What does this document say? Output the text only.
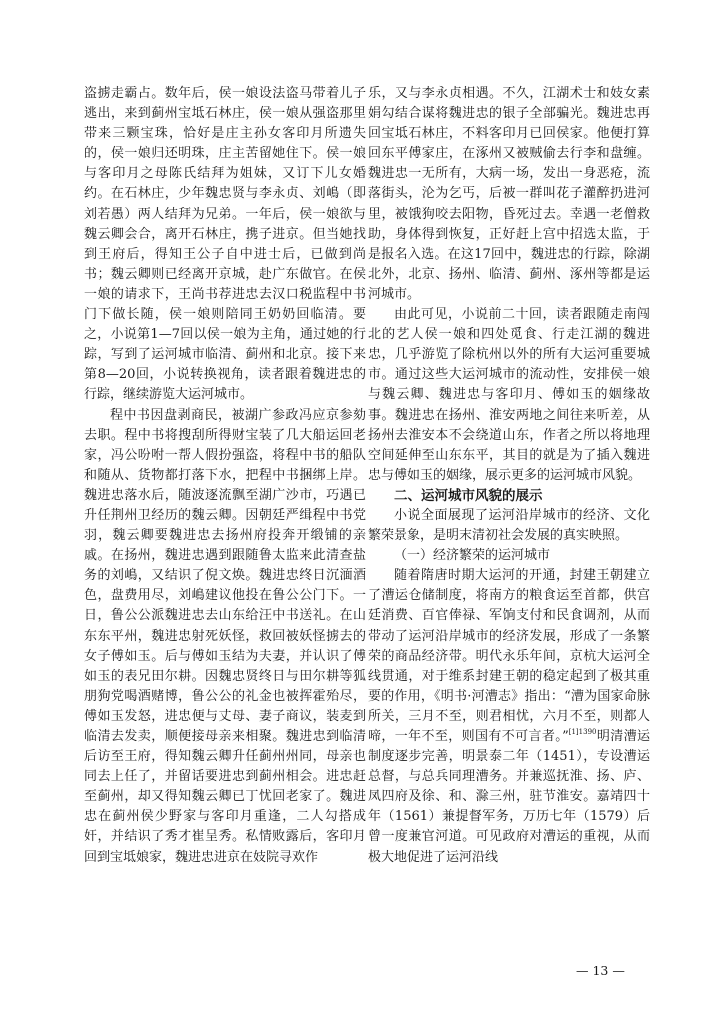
盗掳走霸占。数年后，侯一娘设法盗马带着儿子逃出，来到蓟州宝坻石林庄，侯一娘从强盗那里带来三颗宝珠，恰好是庄主孙女客印月所遗失的，侯一娘归还明珠，庄主苦留她住下。侯一娘与客印月之母陈氏结拜为姐妹，又订下儿女婚约。在石林庄，少年魏忠贤与李永贞、刘嶋（即刘若愚）两人结拜为兄弟。一年后，侯一娘欲与魏云卿会合，离开石林庄，携子进京。但当她找到王府后，得知王公子自中进士后，已做到尚书；魏云卿则已经离开京城，赴广东做官。在侯一娘的请求下，王尚书荐进忠去汉口税监程中书门下做长随，侯一娘则陪同王奶奶回临清。要之，小说第1—7回以侯一娘为主角，通过她的行踪，写到了运河城市临清、蓟州和北京。接下来第8—20回，小说转换视角，读者跟着魏进忠的行踪，继续游览大运河城市。

程中书因盘剥商民，被湖广参政冯应京参劾去职。程中书将搜刮所得财宝装了几大船运回老家，冯公吩咐一帮人假扮强盗，将程中书的船队和随从、货物都打落下水，把程中书捆绑上岸。魏进忠落水后，随波逐流飘至湖广沙市，巧遇已升任荆州卫经历的魏云卿。因朝廷严缉程中书党羽，魏云卿要魏进忠去扬州府投奔开缎铺的亲戚。在扬州，魏进忠遇到跟随鲁太监来此清查盐务的刘嶋，又结识了倪文焕。魏进忠终日沉湎酒色，盘费用尽，刘嶋建议他投在鲁公公门下。一日，鲁公公派魏进忠去山东给汪中书送礼。在山东东平州，魏进忠射死妖怪，救回被妖怪掳去的女子傅如玉。后与傅如玉结为夫妻，并认识了傅如玉的表兄田尔耕。因魏忠贤终日与田尔耕等狐朋狗党喝酒赌博，鲁公公的礼金也被挥霍殆尽，傅如玉发怒，进忠便与丈母、妻子商议，装麦到临清去发卖，顺便接母亲来相聚。魏进忠到临清后访至王府，得知魏云卿升任蓟州州同，母亲也同去上任了，并留话要进忠到蓟州相会。进忠赶至蓟州，却又得知魏云卿已丁忧回老家了。魏进忠在蓟州侯少野家与客印月重逢，二人勾搭成奸，并结识了秀才崔呈秀。私情败露后，客印月回到宝坻娘家，魏进忠进京在妓院寻欢作

乐，又与李永贞相遇。不久，江湖术士和妓女素娟勾结合谋将魏进忠的银子全部骗光。魏进忠再回宝坻石林庄，不料客印月已回侯家。他便打算回东平傅家庄，在涿州又被贼偷去行李和盘缠。魏进忠一无所有，大病一场，发出一身恶疮，流落街头，沦为乞丐，后被一群叫花子灌醉扔进河里，被饿狗咬去阳物，昏死过去。幸遇一老僧救助，身体得到恢复，正好赶上宫中招选太监，于是报名入选。在这17回中，魏进忠的行踪，除湖北外，北京、扬州、临清、蓟州、涿州等都是运河城市。

由此可见，小说前二十回，读者跟随走南闯北的艺人侯一娘和四处觅食、行走江湖的魏进忠，几乎游览了除杭州以外的所有大运河重要城市。通过这些大运河城市的流动性，安排侯一娘与魏云卿、魏进忠与客印月、傅如玉的姻缘故事。魏进忠在扬州、淮安两地之间往来听差，从扬州去淮安本不会绕道山东，作者之所以将地理空间延伸至山东东平，其目的就是为了插入魏进忠与傅如玉的姻缘，展示更多的运河城市风貌。

二、运河城市风貌的展示

小说全面展现了运河沿岸城市的经济、文化繁荣景象，是明末清初社会发展的真实映照。

（一）经济繁荣的运河城市

随着隋唐时期大运河的开通，封建王朝建立了漕运仓储制度，将南方的粮食运至首都，供宫廷消费、百官俸禄、军饷支付和民食调剂，从而带动了运河沿岸城市的经济发展，形成了一条繁荣的商品经济带。明代永乐年间，京杭大运河全线贯通，对于维系封建王朝的稳定起到了极其重要的作用，《明书·河漕志》指出：“漕为国家命脉所关，三月不至，则君相忧，六月不至，则都人啼，一年不至，则国有不可言者。”$^{[1]1390}$明清漕运制度逐步完善，明景泰二年（1451），专设漕运总督，与总兵同理漕务。并兼巡抚淮、扬、庐、凤四府及徐、和、滁三州，驻节淮安。嘉靖四十年（1561）兼提督军务，万历七年（1579）后曾一度兼官河道。可见政府对漕运的重视，从而极大地促进了运河沿线

— 13 —
